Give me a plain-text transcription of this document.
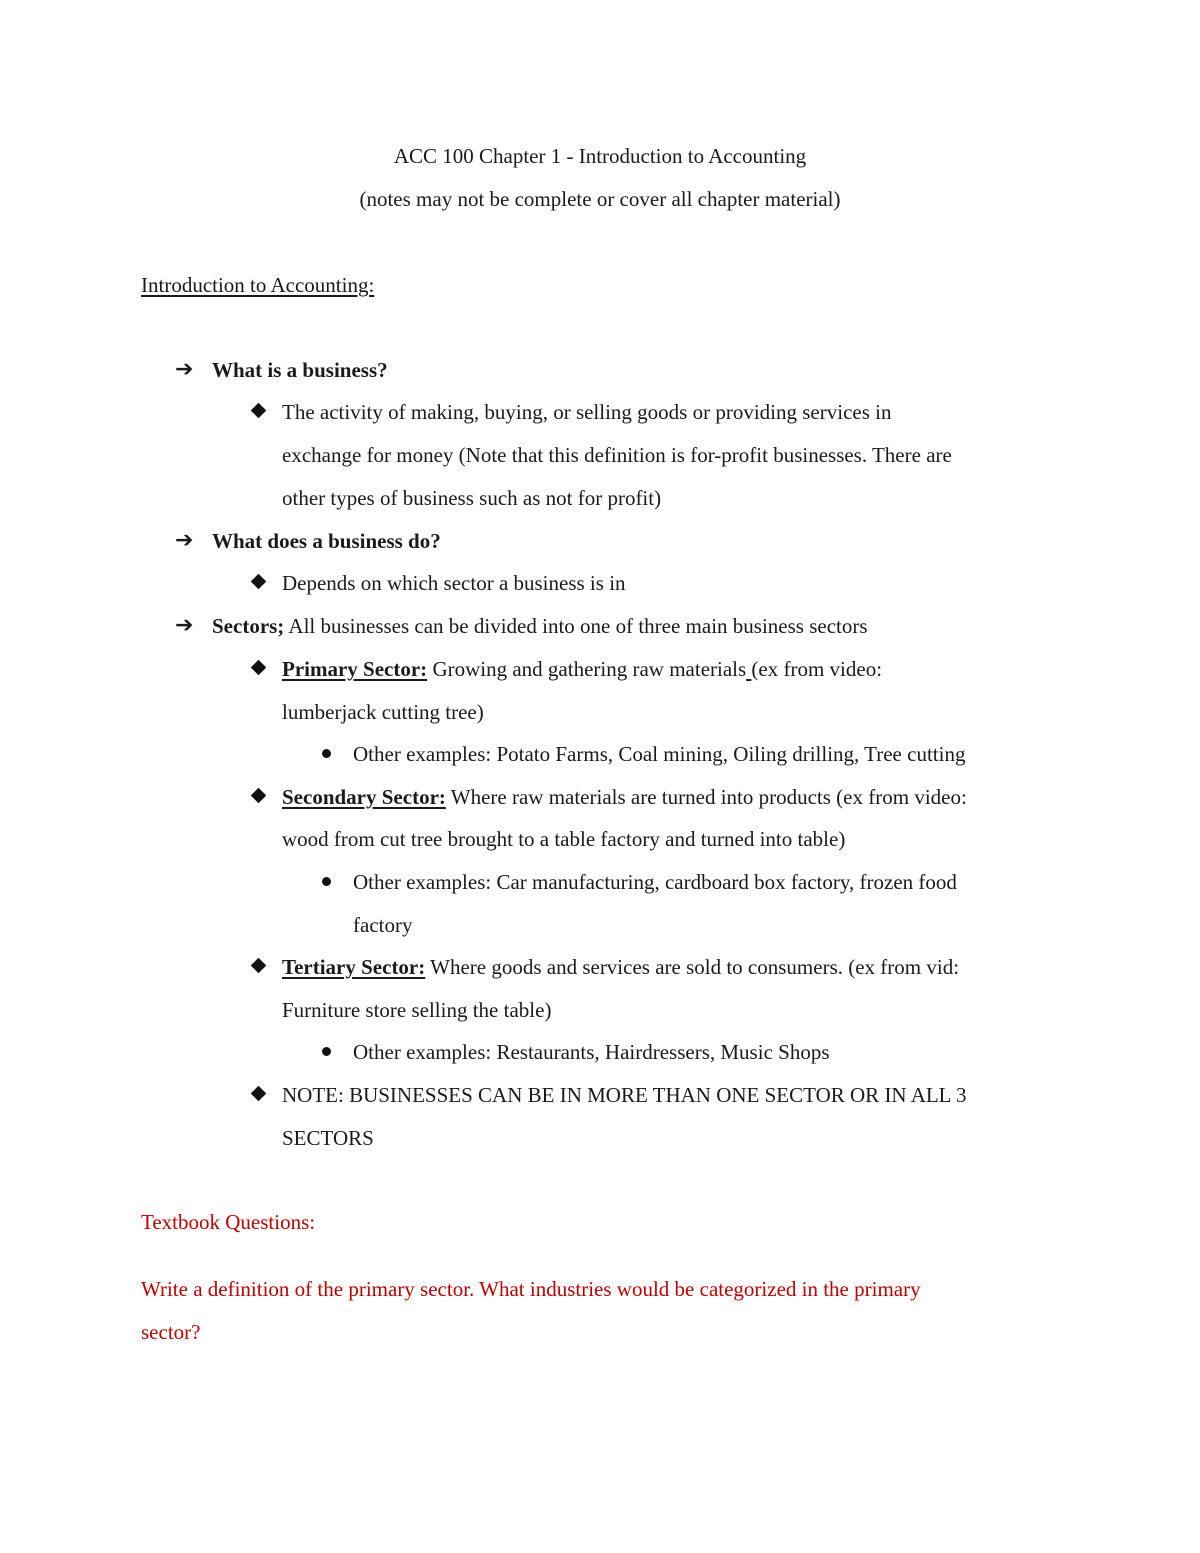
ACC 100 Chapter 1 - Introduction to Accounting
(notes may not be complete or cover all chapter material)
Introduction to Accounting:
➔ What is a business?
The activity of making, buying, or selling goods or providing services in
exchange for money (Note that this definition is for-profit businesses. There are
other types of business such as not for profit)
➔ What does a business do?
Depends on which sector a business is in
➔ Sectors; All businesses can be divided into one of three main business sectors
Primary Sector: Growing and gathering raw materials (ex from video:
lumberjack cutting tree)
Other examples: Potato Farms, Coal mining, Oiling drilling, Tree cutting
Secondary Sector: Where raw materials are turned into products (ex from video:
wood from cut tree brought to a table factory and turned into table)
Other examples: Car manufacturing, cardboard box factory, frozen food
factory
Tertiary Sector: Where goods and services are sold to consumers. (ex from vid:
Furniture store selling the table)
Other examples: Restaurants, Hairdressers, Music Shops
NOTE: BUSINESSES CAN BE IN MORE THAN ONE SECTOR OR IN ALL 3
SECTORS
Textbook Questions:
Write a definition of the primary sector. What industries would be categorized in the primary
sector?
